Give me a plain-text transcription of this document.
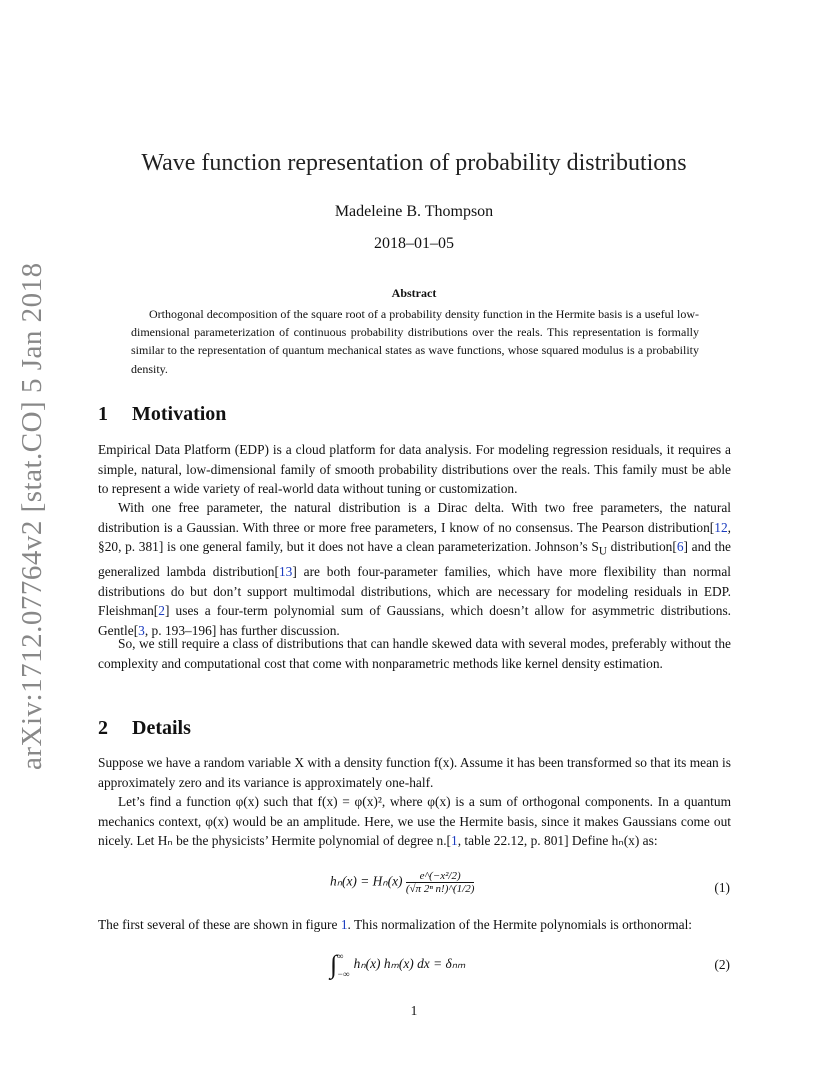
arXiv:1712.07764v2 [stat.CO] 5 Jan 2018
Wave function representation of probability distributions
Madeleine B. Thompson
2018–01–05
Abstract
Orthogonal decomposition of the square root of a probability density function in the Hermite basis is a useful low-dimensional parameterization of continuous probability distributions over the reals. This representation is formally similar to the representation of quantum mechanical states as wave functions, whose squared modulus is a probability density.
1 Motivation
Empirical Data Platform (EDP) is a cloud platform for data analysis. For modeling regression residuals, it requires a simple, natural, low-dimensional family of smooth probability distributions over the reals. This family must be able to represent a wide variety of real-world data without tuning or customization.
With one free parameter, the natural distribution is a Dirac delta. With two free parameters, the natural distribution is a Gaussian. With three or more free parameters, I know of no consensus. The Pearson distribution[12, §20, p. 381] is one general family, but it does not have a clean parameterization. Johnson’s $S_U$ distribution[6] and the generalized lambda distribution[13] are both four-parameter families, which have more flexibility than normal distributions do but don’t support multimodal distributions, which are necessary for modeling residuals in EDP. Fleishman[2] uses a four-term polynomial sum of Gaussians, which doesn’t allow for asymmetric distributions. Gentle[3, p. 193–196] has further discussion.
So, we still require a class of distributions that can handle skewed data with several modes, preferably without the complexity and computational cost that come with nonparametric methods like kernel density estimation.
2 Details
Suppose we have a random variable X with a density function f(x). Assume it has been transformed so that its mean is approximately zero and its variance is approximately one-half.
Let’s find a function φ(x) such that f(x) = φ(x)², where φ(x) is a sum of orthogonal components. In a quantum mechanics context, φ(x) would be an amplitude. Here, we use the Hermite basis, since it makes Gaussians come out nicely. Let Hₙ be the physicists’ Hermite polynomial of degree n.[1, table 22.12, p. 801] Define hₙ(x) as:
$h_n(x) = H_n(x) \frac{\text{e\textasciicircum{}(−x²/2)}}{\text{(√π 2ⁿ n!)\textasciicircum{}(1/2)}}$	(1)
The first several of these are shown in figure 1. This normalization of the Hermite polynomials is orthonormal:
∫ ∞
−∞
hₙ(x) hₘ(x) dx = δₙₘ	(2)
1
